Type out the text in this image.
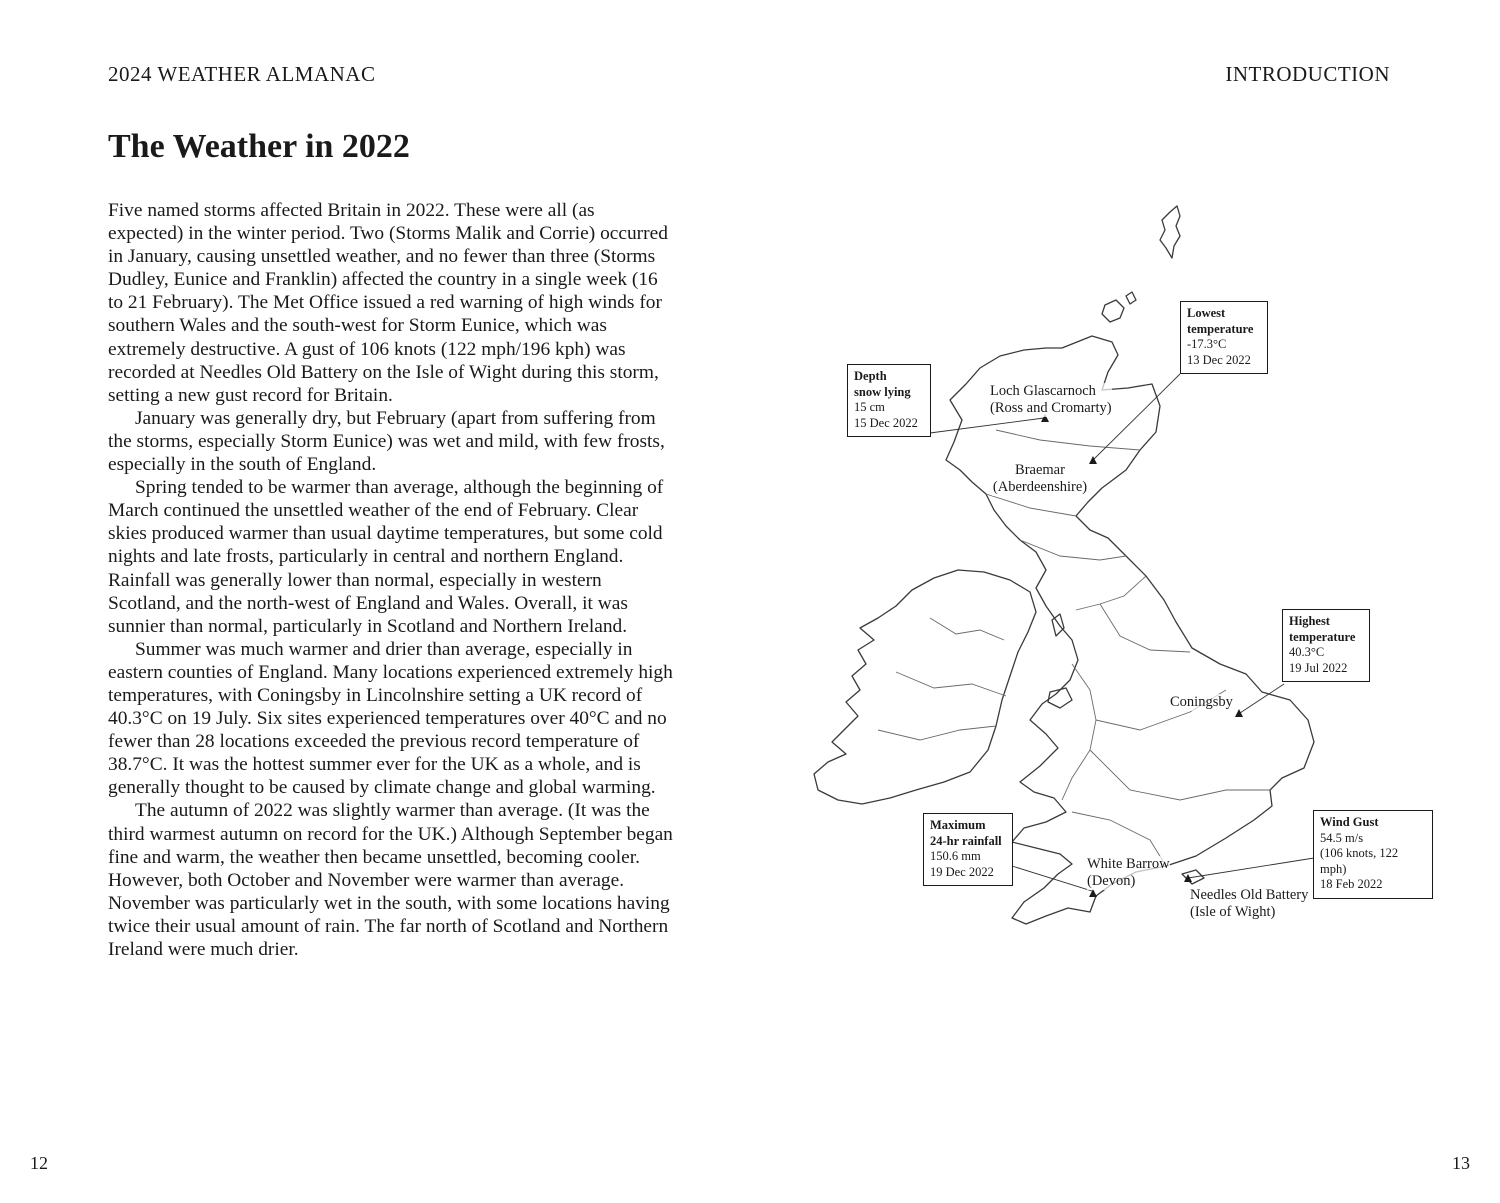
2024 WEATHER ALMANAC	INTRODUCTION
The Weather in 2022

Five named storms affected Britain in 2022. These were all (as expected) in the winter period. Two (Storms Malik and Corrie) occurred in January, causing unsettled weather, and no fewer than three (Storms Dudley, Eunice and Franklin) affected the country in a single week (16 to 21 February). The Met Office issued a red warning of high winds for southern Wales and the south-west for Storm Eunice, which was extremely destructive. A gust of 106 knots (122 mph/196 kph) was recorded at Needles Old Battery on the Isle of Wight during this storm, setting a new gust record for Britain.

January was generally dry, but February (apart from suffering from the storms, especially Storm Eunice) was wet and mild, with few frosts, especially in the south of England.

Spring tended to be warmer than average, although the beginning of March continued the unsettled weather of the end of February. Clear skies produced warmer than usual daytime temperatures, but some cold nights and late frosts, particularly in central and northern England. Rainfall was generally lower than normal, especially in western Scotland, and the north-west of England and Wales. Overall, it was sunnier than normal, particularly in Scotland and Northern Ireland.

Summer was much warmer and drier than average, especially in eastern counties of England. Many locations experienced extremely high temperatures, with Coningsby in Lincolnshire setting a UK record of 40.3°C on 19 July. Six sites experienced temperatures over 40°C and no fewer than 28 locations exceeded the previous record temperature of 38.7°C. It was the hottest summer ever for the UK as a whole, and is generally thought to be caused by climate change and global warming.

The autumn of 2022 was slightly warmer than average. (It was the third warmest autumn on record for the UK.) Although September began fine and warm, the weather then became unsettled, becoming cooler. However, both October and November were warmer than average. November was particularly wet in the south, with some locations having twice their usual amount of rain. The far north of Scotland and Northern Ireland were much drier.

Loch Glascarnoch
(Ross and Cromarty)
Braemar
(Aberdeenshire)
Coningsby
White Barrow
(Devon)
Needles Old Battery
(Isle of Wight)
Depth
snow lying
15 cm
15 Dec 2022
Lowest
temperature
-17.3°C
13 Dec 2022
Highest
temperature
40.3°C
19 Jul 2022
Maximum
24-hr rainfall
150.6 mm
19 Dec 2022
Wind Gust
54.5 m/s
(106 knots, 122 mph)
18 Feb 2022
12	13
